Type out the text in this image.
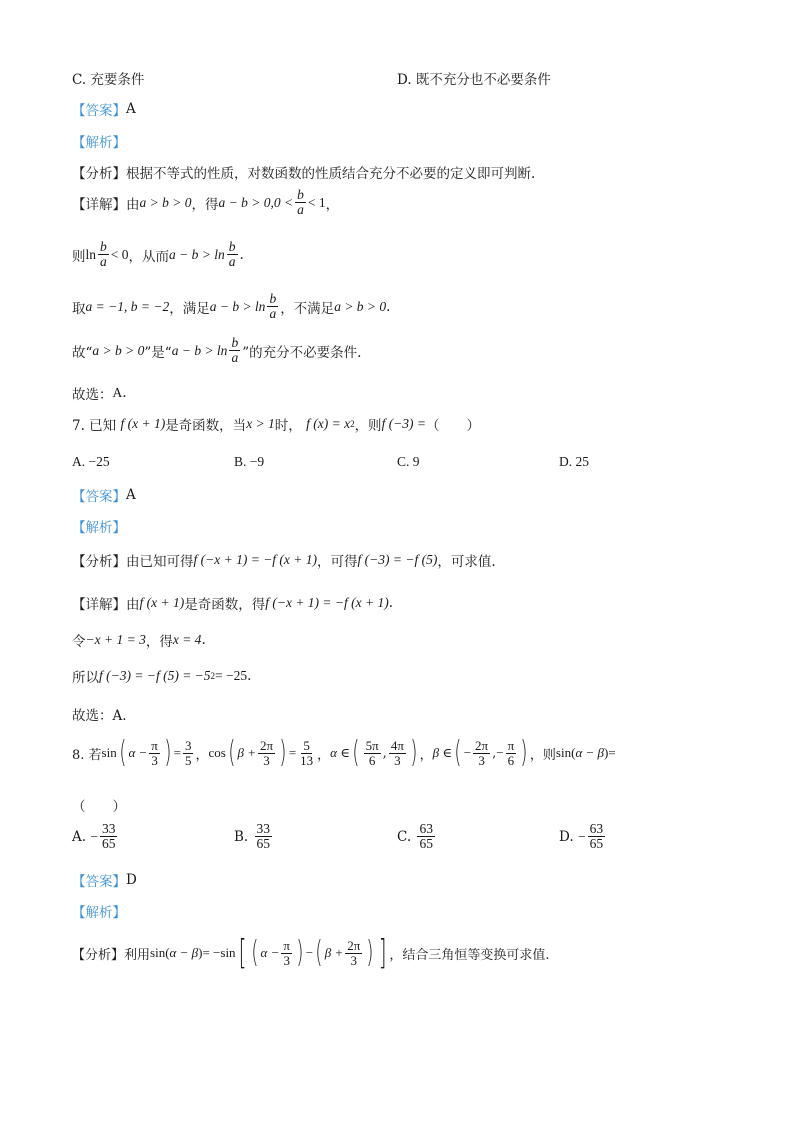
C. 充要条件	D. 既不充分也不必要条件
【答案】 A
【解析】
【分析】 根据不等式的性质，对数函数的性质结合充分不必要的定义即可判断.
【详解】 由 a > b > 0 ，得 $a - b > 0,0 < \frac{b}{a} < 1$ ，
则 $\ln \frac{b}{a} < 0$ ，从而 $a - b > \ln \frac{b}{a}$ .
取 a = −1, b = −2 ，满足 $a - b > \ln \frac{b}{a}$ ，不满足 a > b > 0 .
故“ a > b > 0 ”是“ $a - b > \ln \frac{b}{a}$ ”的充分不必要条件.
故选： A .
7. 已知
f (x + 1) 是奇函数，当 x > 1 时，
f (x) = x 2 ，则 f (−3) = （　　）
A. −25	B. −9	C. 9	D. 25
【答案】 A
【解析】
【分析】 由已知可得 f (−x + 1) = −f (x + 1) ，可得 f (−3) = −f (5) ，可求值.
【详解】 由 f (x + 1) 是奇函数，得 f (−x + 1) = −f (x + 1) .
令 −x + 1 = 3 ，得 x = 4 .
所以 f (−3) = −f (5) = −5 2 = −25 .
故选：A.
8. 若 sin ( $\alpha - \frac{\pi}{3}$ ) = $\frac{3}{5}$ ， cos ( $\beta + \frac{2\pi}{3}$ ) = $\frac{5}{13}$ ， α ∈ ( $\frac{5\pi}{6}$ , $\frac{4\pi}{3}$ ) ， β ∈ ( − $\frac{2\pi}{3}$ , − $\frac{\pi}{6}$ ) ，则 sin ( α − β ) =
（　　）
A.
− $\frac{33}{65}$	B.
$\frac{33}{65}$	C.
$\frac{63}{65}$	D.
− $\frac{63}{65}$
【答案】 D
【解析】
【分析】 利用 sin ( α − β ) = −sin [ ( $\alpha - \frac{\pi}{3}$ ) − ( $\beta + \frac{2\pi}{3}$ ) ] ，结合三角恒等变换可求值.
